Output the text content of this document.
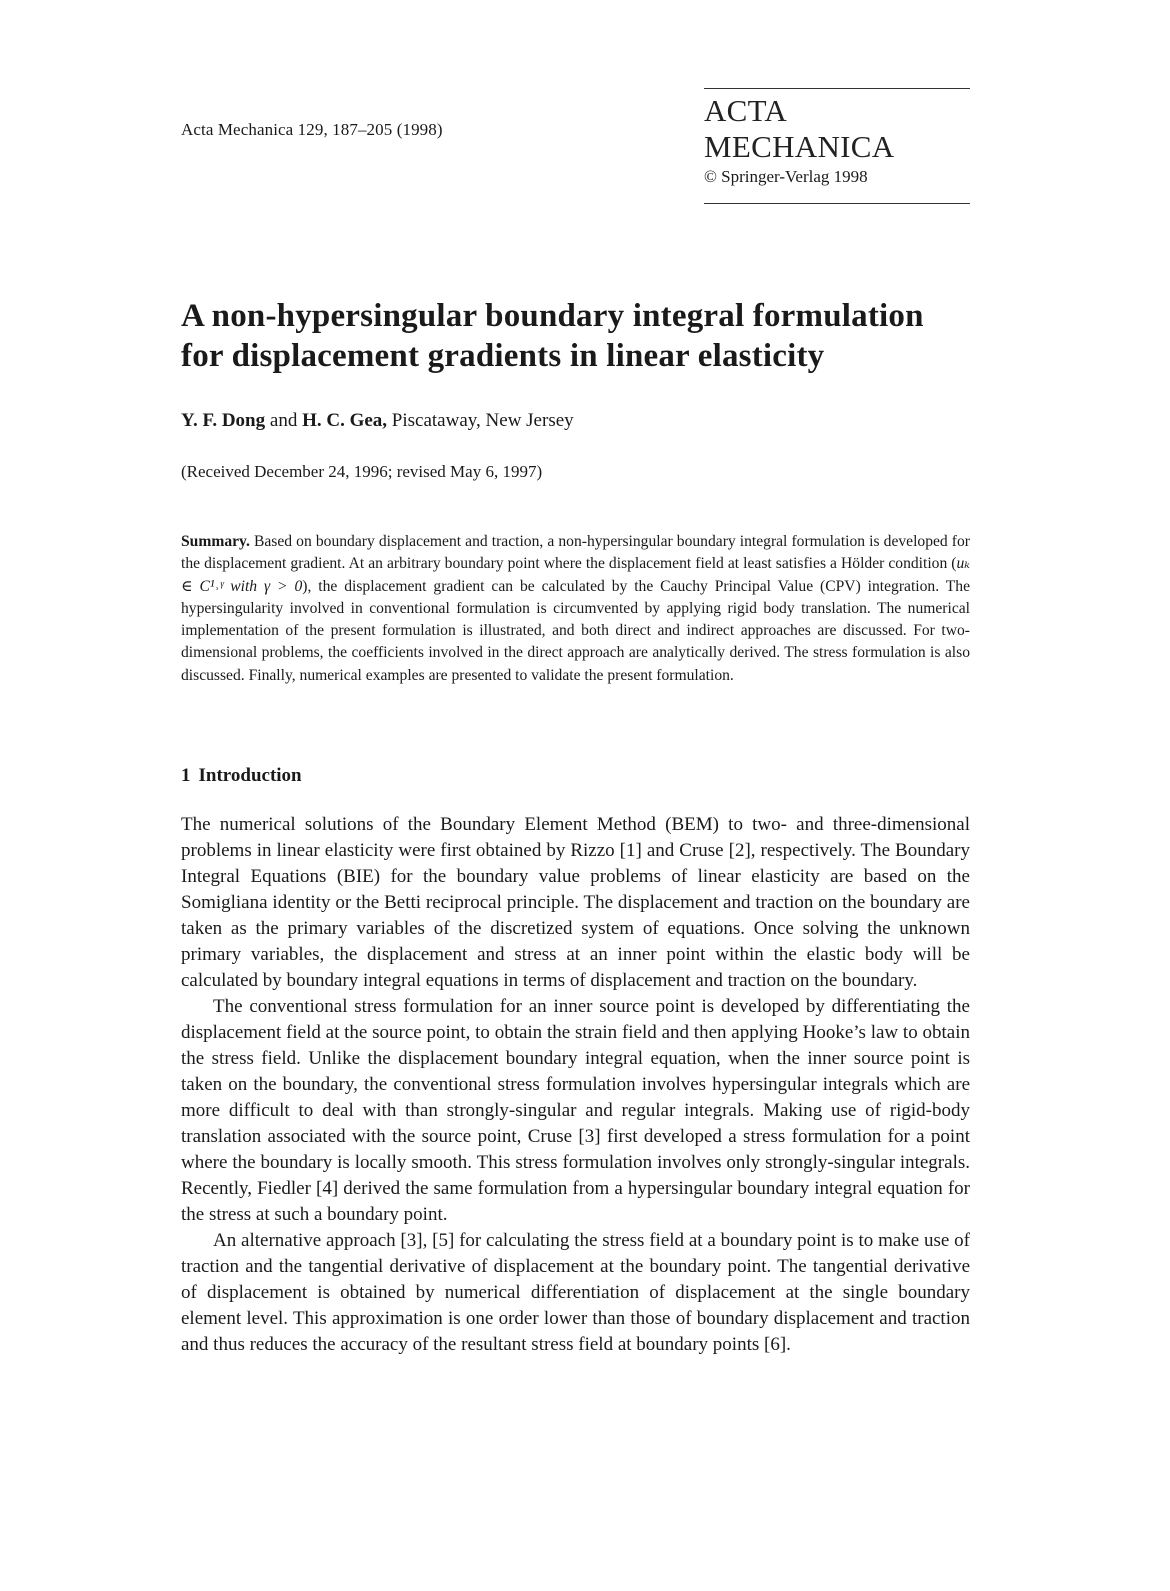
Acta Mechanica 129, 187–205 (1998)
ACTA MECHANICA
© Springer-Verlag 1998
A non-hypersingular boundary integral formulation
for displacement gradients in linear elasticity
Y. F. Dong and H. C. Gea, Piscataway, New Jersey
(Received December 24, 1996; revised May 6, 1997)

Summary. Based on boundary displacement and traction, a non-hypersingular boundary integral formulation is developed for the displacement gradient. At an arbitrary boundary point where the displacement field at least satisfies a Hölder condition (uₖ ∈ C¹˒ᵞ with γ > 0), the displacement gradient can be calculated by the Cauchy Principal Value (CPV) integration. The hypersingularity involved in conventional formulation is circumvented by applying rigid body translation. The numerical implementation of the present formulation is illustrated, and both direct and indirect approaches are discussed. For two-dimensional problems, the coefficients involved in the direct approach are analytically derived. The stress formulation is also discussed. Finally, numerical examples are presented to validate the present formulation.

1 Introduction

The numerical solutions of the Boundary Element Method (BEM) to two- and three-dimensional problems in linear elasticity were first obtained by Rizzo [1] and Cruse [2], respectively. The Boundary Integral Equations (BIE) for the boundary value problems of linear elasticity are based on the Somigliana identity or the Betti reciprocal principle. The displacement and traction on the boundary are taken as the primary variables of the discretized system of equations. Once solving the unknown primary variables, the displacement and stress at an inner point within the elastic body will be calculated by boundary integral equations in terms of displacement and traction on the boundary.

The conventional stress formulation for an inner source point is developed by differentiating the displacement field at the source point, to obtain the strain field and then applying Hooke’s law to obtain the stress field. Unlike the displacement boundary integral equation, when the inner source point is taken on the boundary, the conventional stress formulation involves hypersingular integrals which are more difficult to deal with than strongly-singular and regular integrals. Making use of rigid-body translation associated with the source point, Cruse [3] first developed a stress formulation for a point where the boundary is locally smooth. This stress formulation involves only strongly-singular integrals. Recently, Fiedler [4] derived the same formulation from a hypersingular boundary integral equation for the stress at such a boundary point.

An alternative approach [3], [5] for calculating the stress field at a boundary point is to make use of traction and the tangential derivative of displacement at the boundary point. The tangential derivative of displacement is obtained by numerical differentiation of displacement at the single boundary element level. This approximation is one order lower than those of boundary displacement and traction and thus reduces the accuracy of the resultant stress field at boundary points [6].
